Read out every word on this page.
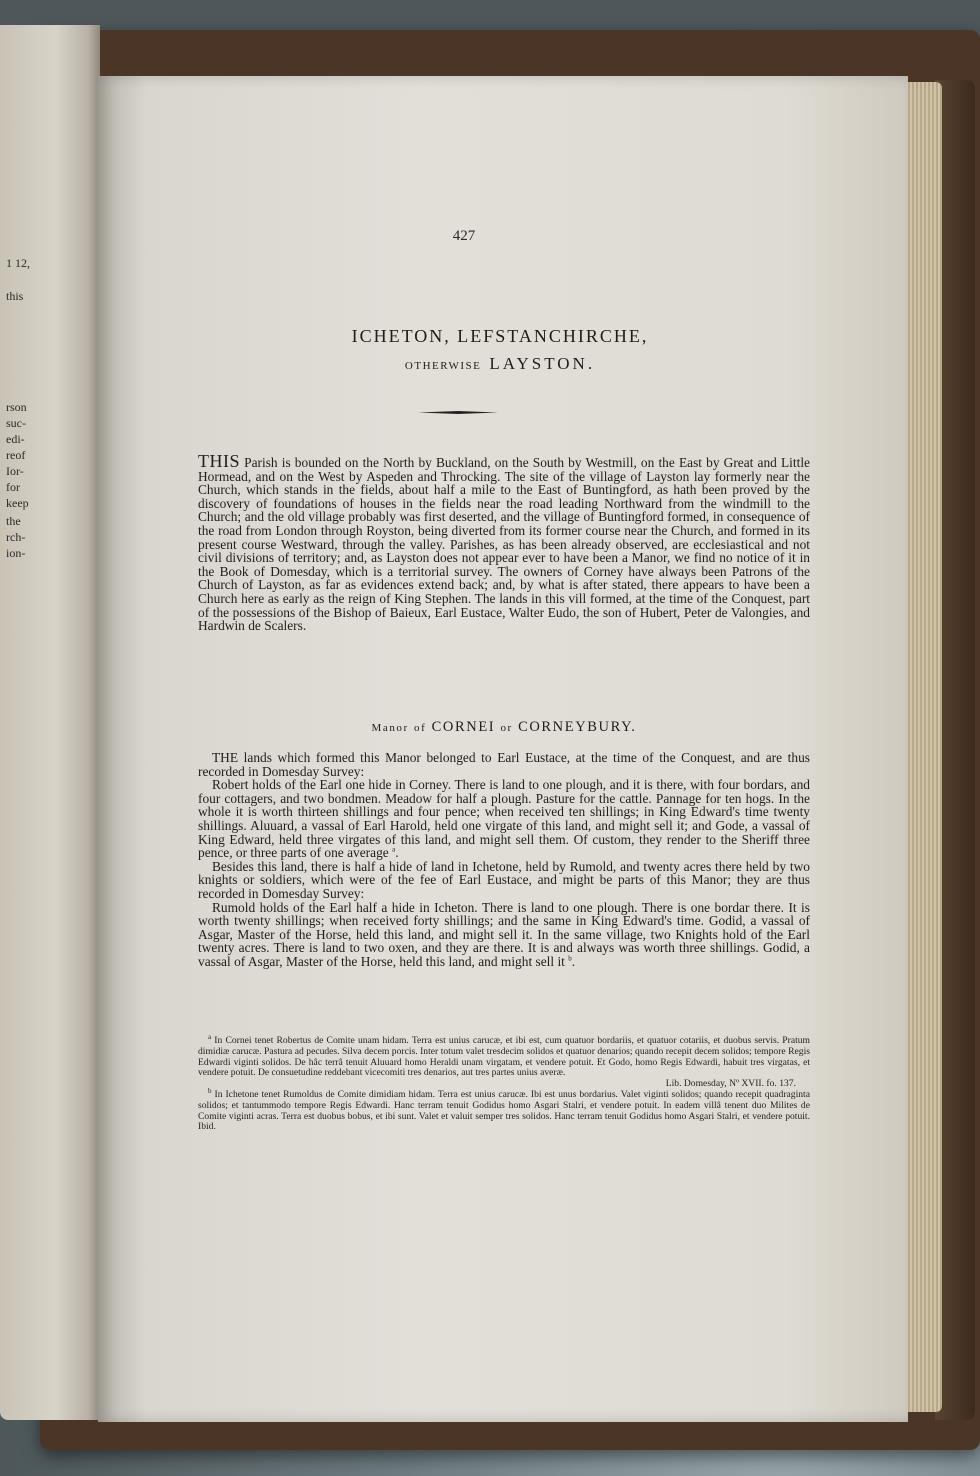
1 12,
this
rson
suc-
edi-
reof
Ior-
for
keep
the
rch-
ion-
427
ICHETON, LEFSTANCHIRCHE,
OTHERWISE LAYSTON.
THIS Parish is bounded on the North by Buckland, on the South by Westmill, on the East by Great and Little Hormead, and on the West by Aspeden and Throcking. The site of the village of Layston lay formerly near the Church, which stands in the fields, about half a mile to the East of Buntingford, as hath been proved by the discovery of foundations of houses in the fields near the road leading Northward from the windmill to the Church; and the old village probably was first deserted, and the village of Buntingford formed, in consequence of the road from London through Royston, being diverted from its former course near the Church, and formed in its present course Westward, through the valley. Parishes, as has been already observed, are ecclesiastical and not civil divisions of territory; and, as Layston does not appear ever to have been a Manor, we find no notice of it in the Book of Domesday, which is a territorial survey. The owners of Corney have always been Patrons of the Church of Layston, as far as evidences extend back; and, by what is after stated, there appears to have been a Church here as early as the reign of King Stephen. The lands in this vill formed, at the time of the Conquest, part of the possessions of the Bishop of Baieux, Earl Eustace, Walter Eudo, the son of Hubert, Peter de Valongies, and Hardwin de Scalers.
Manor of CORNEI or CORNEYBURY.

THE lands which formed this Manor belonged to Earl Eustace, at the time of the Conquest, and are thus recorded in Domesday Survey:

Robert holds of the Earl one hide in Corney. There is land to one plough, and it is there, with four bordars, and four cottagers, and two bondmen. Meadow for half a plough. Pasture for the cattle. Pannage for ten hogs. In the whole it is worth thirteen shillings and four pence; when received ten shillings; in King Edward's time twenty shillings. Aluuard, a vassal of Earl Harold, held one virgate of this land, and might sell it; and Gode, a vassal of King Edward, held three virgates of this land, and might sell them. Of custom, they render to the Sheriff three pence, or three parts of one average $^a$.

Besides this land, there is half a hide of land in Ichetone, held by Rumold, and twenty acres there held by two knights or soldiers, which were of the fee of Earl Eustace, and might be parts of this Manor; they are thus recorded in Domesday Survey:

Rumold holds of the Earl half a hide in Icheton. There is land to one plough. There is one bordar there. It is worth twenty shillings; when received forty shillings; and the same in King Edward's time. Godid, a vassal of Asgar, Master of the Horse, held this land, and might sell it. In the same village, two Knights hold of the Earl twenty acres. There is land to two oxen, and they are there. It is and always was worth three shillings. Godid, a vassal of Asgar, Master of the Horse, held this land, and might sell it $^b$.

$^a$ In Cornei tenet Robertus de Comite unam hidam. Terra est unius carucæ, et ibi est, cum quatuor bordariis, et quatuor cotariis, et duobus servis. Pratum dimidiæ carucæ. Pastura ad pecudes. Silva decem porcis. Inter totum valet tresdecim solidos et quatuor denarios; quando recepit decem solidos; tempore Regis Edwardi viginti solidos. De hâc terrâ tenuit Aluuard homo Heraldi unam virgatam, et vendere potuit. Et Godo, homo Regis Edwardi, habuit tres virgatas, et vendere potuit. De consuetudine reddebant vicecomiti tres denarios, aut tres partes unius averæ.

Lib. Domesday, Nº XVII. fo. 137.

$^b$ In Ichetone tenet Rumoldus de Comite dimidiam hidam. Terra est unius carucæ. Ibi est unus bordarius. Valet viginti solidos; quando recepit quadraginta solidos; et tantummodo tempore Regis Edwardi. Hanc terram tenuit Godidus homo Asgari Stalri, et vendere potuit. In eadem villâ tenent duo Milites de Comite viginti acras. Terra est duobus bobus, et ibi sunt. Valet et valuit semper tres solidos. Hanc terram tenuit Godidus homo Asgari Stalri, et vendere potuit. Ibid.
